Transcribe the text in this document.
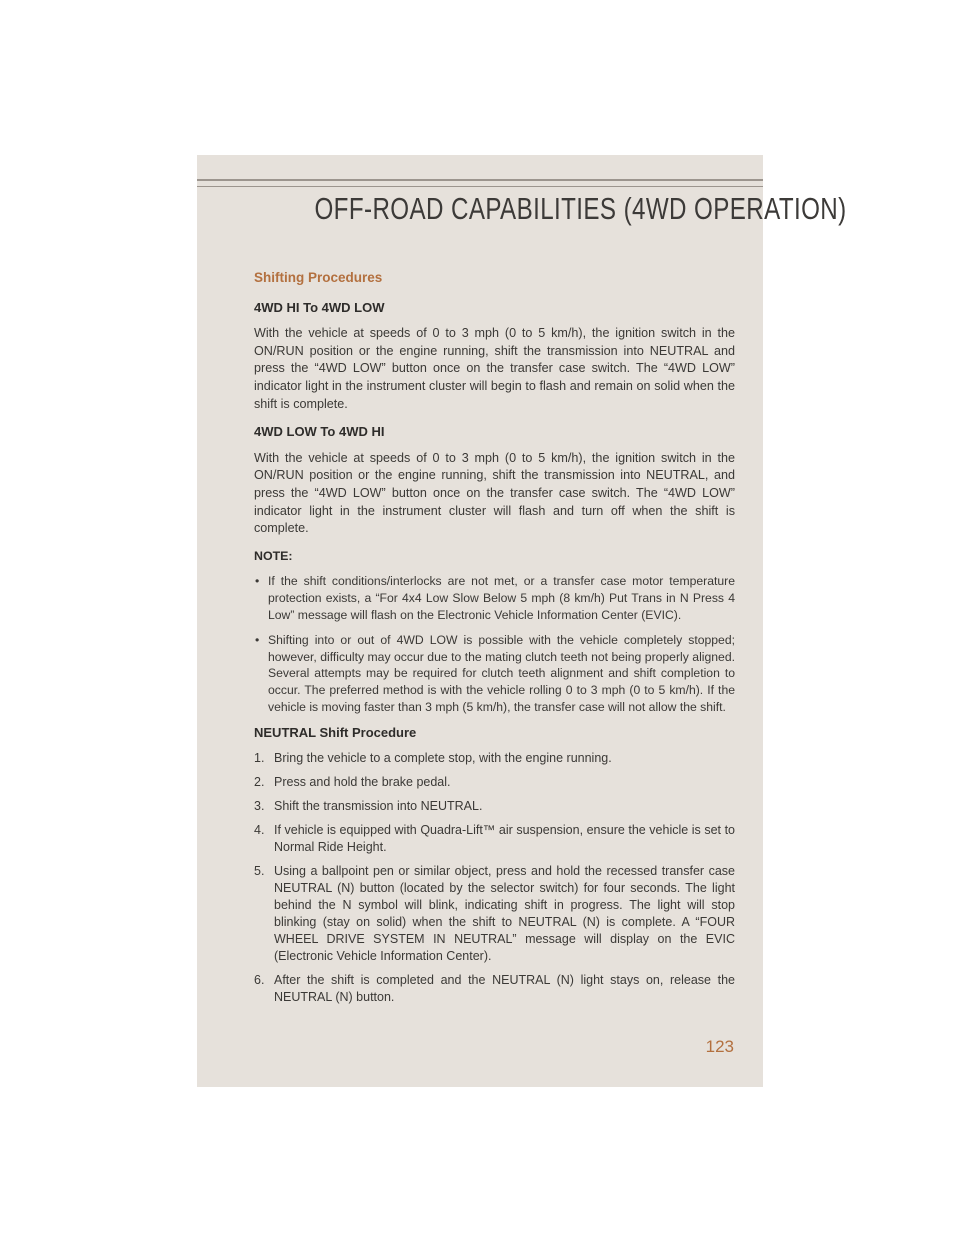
OFF-ROAD CAPABILITIES (4WD OPERATION)
Shifting Procedures
4WD HI To 4WD LOW

With the vehicle at speeds of 0 to 3 mph (0 to 5 km/h), the ignition switch in the ON/RUN position or the engine running, shift the transmission into NEUTRAL and press the “4WD LOW” button once on the transfer case switch. The “4WD LOW” indicator light in the instrument cluster will begin to flash and remain on solid when the shift is complete.

4WD LOW To 4WD HI

With the vehicle at speeds of 0 to 3 mph (0 to 5 km/h), the ignition switch in the ON/RUN position or the engine running, shift the transmission into NEUTRAL, and press the “4WD LOW” button once on the transfer case switch. The “4WD LOW” indicator light in the instrument cluster will flash and turn off when the shift is complete.

NOTE:
• If the shift conditions/interlocks are not met, or a transfer case motor temperature protection exists, a “For 4x4 Low Slow Below 5 mph (8 km/h) Put Trans in N Press 4 Low” message will flash on the Electronic Vehicle Information Center (EVIC).
• Shifting into or out of 4WD LOW is possible with the vehicle completely stopped; however, difficulty may occur due to the mating clutch teeth not being properly aligned. Several attempts may be required for clutch teeth alignment and shift completion to occur. The preferred method is with the vehicle rolling 0 to 3 mph (0 to 5 km/h). If the vehicle is moving faster than 3 mph (5 km/h), the transfer case will not allow the shift.
NEUTRAL Shift Procedure
1. Bring the vehicle to a complete stop, with the engine running.
2. Press and hold the brake pedal.
3. Shift the transmission into NEUTRAL.
4. If vehicle is equipped with Quadra-Lift™ air suspension, ensure the vehicle is set to Normal Ride Height.
5. Using a ballpoint pen or similar object, press and hold the recessed transfer case NEUTRAL (N) button (located by the selector switch) for four seconds. The light behind the N symbol will blink, indicating shift in progress. The light will stop blinking (stay on solid) when the shift to NEUTRAL (N) is complete. A “FOUR WHEEL DRIVE SYSTEM IN NEUTRAL” message will display on the EVIC (Electronic Vehicle Information Center).
6. After the shift is completed and the NEUTRAL (N) light stays on, release the NEUTRAL (N) button.
123
